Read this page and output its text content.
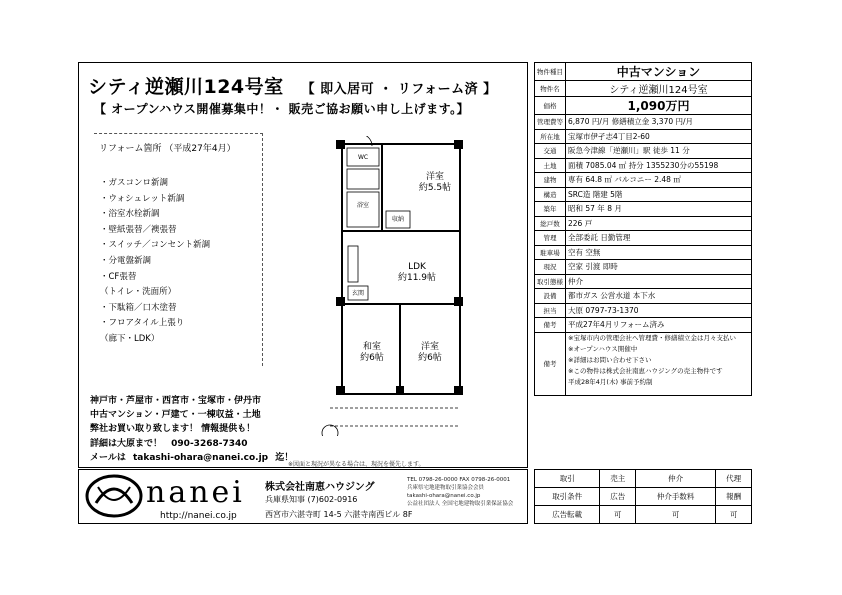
シティ逆瀬川124号室 【 即入居可 ・ リフォーム済 】
【 オープンハウス開催募集中！・ 販売ご協お願い申し上げます。】
リフォーム箇所 （平成27年4月）
・ガスコンロ新調
・ウォシュレット新調
・浴室水栓新調
・壁紙張替／襖張替
・スイッチ／コンセント新調
・分電盤新調
・CF張替
（トイレ・洗面所）
・下駄箱／口木塗替
・フロアタイル上張り
（廊下・LDK）
神戸市・芦屋市・西宮市・宝塚市・伊丹市
中古マンション・戸建て・一棟収益・土地
弊社お買い取り致します！ 情報提供も！
詳細は大原まで！ 090-3268-7340
メールは takashi-ohara@nanei.co.jp 迄！
洋室
約5.5帖
LDK
約11.9帖
和室
約6帖
洋室
約6帖
WC
浴室
収納
玄関
※図面と現況が異なる場合は、現況を優先します。
物件種目	中古マンション
物件名	シティ逆瀬川124号室
価格	1,090万円
管理費等	6,870 円/月 修繕積立金 3,370 円/月
所在地	宝塚市伊孑志4丁目2-60
交通	阪急今津線「逆瀬川」駅 徒歩 11 分
土地	面積 7085.04 ㎡ 持分 1355230分の55198
建物	専有 64.8 ㎡ バルコニー 2.48 ㎡
構造	SRC造 階建 5階
築年	昭和 57 年 8 月
総戸数	226 戸
管理	全部委託 日勤管理
駐車場	空有 空無
現況	空家 引渡 即時
取引態様	仲介
設備	都市ガス 公営水道 本下水
担当	大原 0797-73-1370
備考	平成27年4月リフォーム済み
備考	※宝塚市内の管理会社へ管理費・修繕積立金は月々支払い
※オープンハウス開催中
※詳細はお問い合わせ下さい
※この物件は株式会社南恵ハウジングの売主物件です
平成28年4月(木) 事前予約制
nanei
http://nanei.co.jp
株式会社南恵ハウジング
兵庫県知事 (7)602-0916
西宮市六湛寺町 14-5 六湛寺南西ビル 8F
TEL 0798-26-0000 FAX 0798-26-0001
兵庫県宅地建物取引業協会会員
takashi-ohara@nanei.co.jp
公益社団法人 全国宅地建物取引業保証協会
取引	売主	仲介	代理
取引条件	広告	仲介手数料	報酬
広告転載	可	可	可
